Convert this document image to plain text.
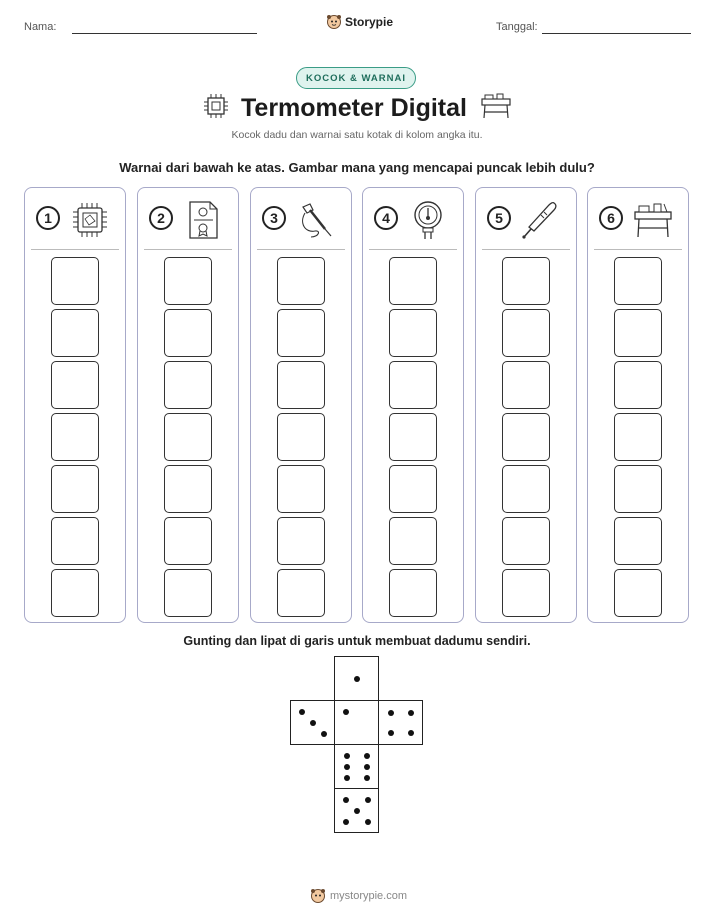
Nama:	Storypie	Tanggal:
KOCOK & WARNAI
Termometer Digital
Kocok dadu dan warnai satu kotak di kolom angka itu.
Warnai dari bawah ke atas. Gambar mana yang mencapai puncak lebih dulu?
1	2	3	4	5	6
Gunting dan lipat di garis untuk membuat dadumu sendiri.
mystorypie.com
